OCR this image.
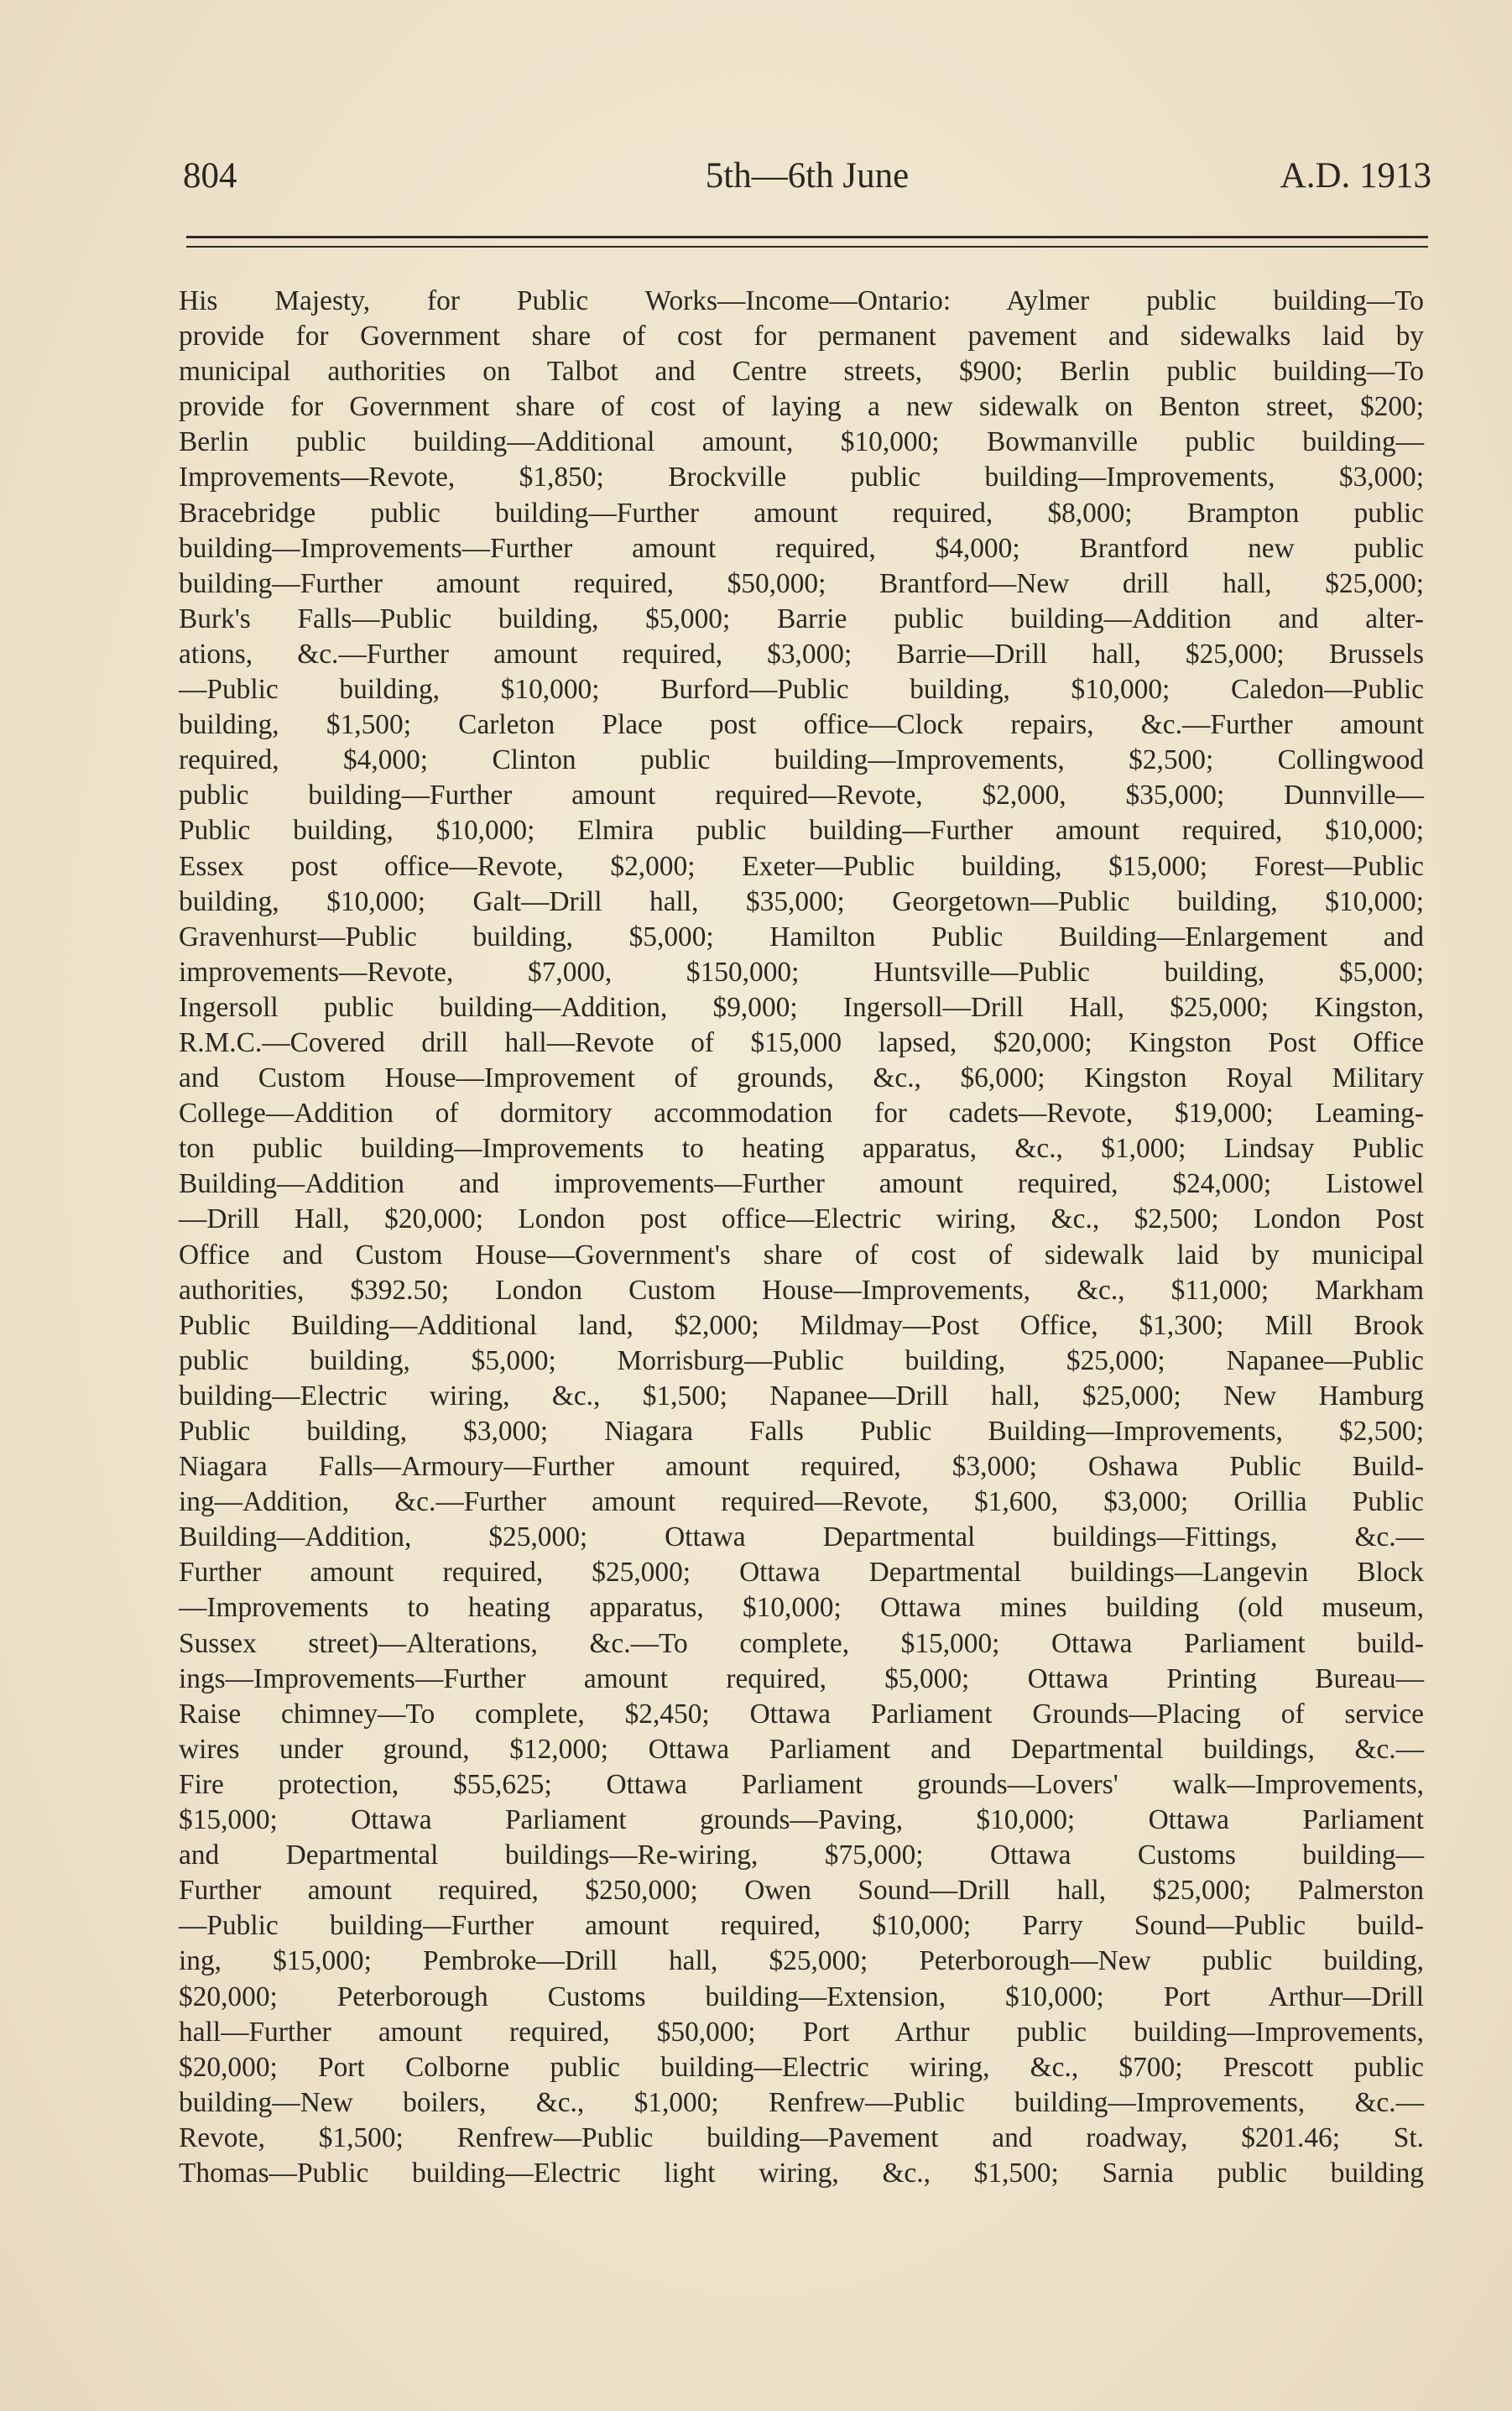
804	5th—6th June	A.D. 1913
His Majesty, for Public Works—Income—Ontario: Aylmer public building—To
provide for Government share of cost for permanent pavement and sidewalks laid by
municipal authorities on Talbot and Centre streets, $900; Berlin public building—To
provide for Government share of cost of laying a new sidewalk on Benton street, $200;
Berlin public building—Additional amount, $10,000; Bowmanville public building—
Improvements—Revote, $1,850; Brockville public building—Improvements, $3,000;
Bracebridge public building—Further amount required, $8,000; Brampton public
building—Improvements—Further amount required, $4,000; Brantford new public
building—Further amount required, $50,000; Brantford—New drill hall, $25,000;
Burk's Falls—Public building, $5,000; Barrie public building—Addition and alter-
ations, &c.—Further amount required, $3,000; Barrie—Drill hall, $25,000; Brussels
—Public building, $10,000; Burford—Public building, $10,000; Caledon—Public
building, $1,500; Carleton Place post office—Clock repairs, &c.—Further amount
required, $4,000; Clinton public building—Improvements, $2,500; Collingwood
public building—Further amount required—Revote, $2,000, $35,000; Dunnville—
Public building, $10,000; Elmira public building—Further amount required, $10,000;
Essex post office—Revote, $2,000; Exeter—Public building, $15,000; Forest—Public
building, $10,000; Galt—Drill hall, $35,000; Georgetown—Public building, $10,000;
Gravenhurst—Public building, $5,000; Hamilton Public Building—Enlargement and
improvements—Revote, $7,000, $150,000; Huntsville—Public building, $5,000;
Ingersoll public building—Addition, $9,000; Ingersoll—Drill Hall, $25,000; Kingston,
R.M.C.—Covered drill hall—Revote of $15,000 lapsed, $20,000; Kingston Post Office
and Custom House—Improvement of grounds, &c., $6,000; Kingston Royal Military
College—Addition of dormitory accommodation for cadets—Revote, $19,000; Leaming-
ton public building—Improvements to heating apparatus, &c., $1,000; Lindsay Public
Building—Addition and improvements—Further amount required, $24,000; Listowel
—Drill Hall, $20,000; London post office—Electric wiring, &c., $2,500; London Post
Office and Custom House—Government's share of cost of sidewalk laid by municipal
authorities, $392.50; London Custom House—Improvements, &c., $11,000; Markham
Public Building—Additional land, $2,000; Mildmay—Post Office, $1,300; Mill Brook
public building, $5,000; Morrisburg—Public building, $25,000; Napanee—Public
building—Electric wiring, &c., $1,500; Napanee—Drill hall, $25,000; New Hamburg
Public building, $3,000; Niagara Falls Public Building—Improvements, $2,500;
Niagara Falls—Armoury—Further amount required, $3,000; Oshawa Public Build-
ing—Addition, &c.—Further amount required—Revote, $1,600, $3,000; Orillia Public
Building—Addition, $25,000; Ottawa Departmental buildings—Fittings, &c.—
Further amount required, $25,000; Ottawa Departmental buildings—Langevin Block
—Improvements to heating apparatus, $10,000; Ottawa mines building (old museum,
Sussex street)—Alterations, &c.—To complete, $15,000; Ottawa Parliament build-
ings—Improvements—Further amount required, $5,000; Ottawa Printing Bureau—
Raise chimney—To complete, $2,450; Ottawa Parliament Grounds—Placing of service
wires under ground, $12,000; Ottawa Parliament and Departmental buildings, &c.—
Fire protection, $55,625; Ottawa Parliament grounds—Lovers' walk—Improvements,
$15,000; Ottawa Parliament grounds—Paving, $10,000; Ottawa Parliament
and Departmental buildings—Re-wiring, $75,000; Ottawa Customs building—
Further amount required, $250,000; Owen Sound—Drill hall, $25,000; Palmerston
—Public building—Further amount required, $10,000; Parry Sound—Public build-
ing, $15,000; Pembroke—Drill hall, $25,000; Peterborough—New public building,
$20,000; Peterborough Customs building—Extension, $10,000; Port Arthur—Drill
hall—Further amount required, $50,000; Port Arthur public building—Improvements,
$20,000; Port Colborne public building—Electric wiring, &c., $700; Prescott public
building—New boilers, &c., $1,000; Renfrew—Public building—Improvements, &c.—
Revote, $1,500; Renfrew—Public building—Pavement and roadway, $201.46; St.
Thomas—Public building—Electric light wiring, &c., $1,500; Sarnia public building
